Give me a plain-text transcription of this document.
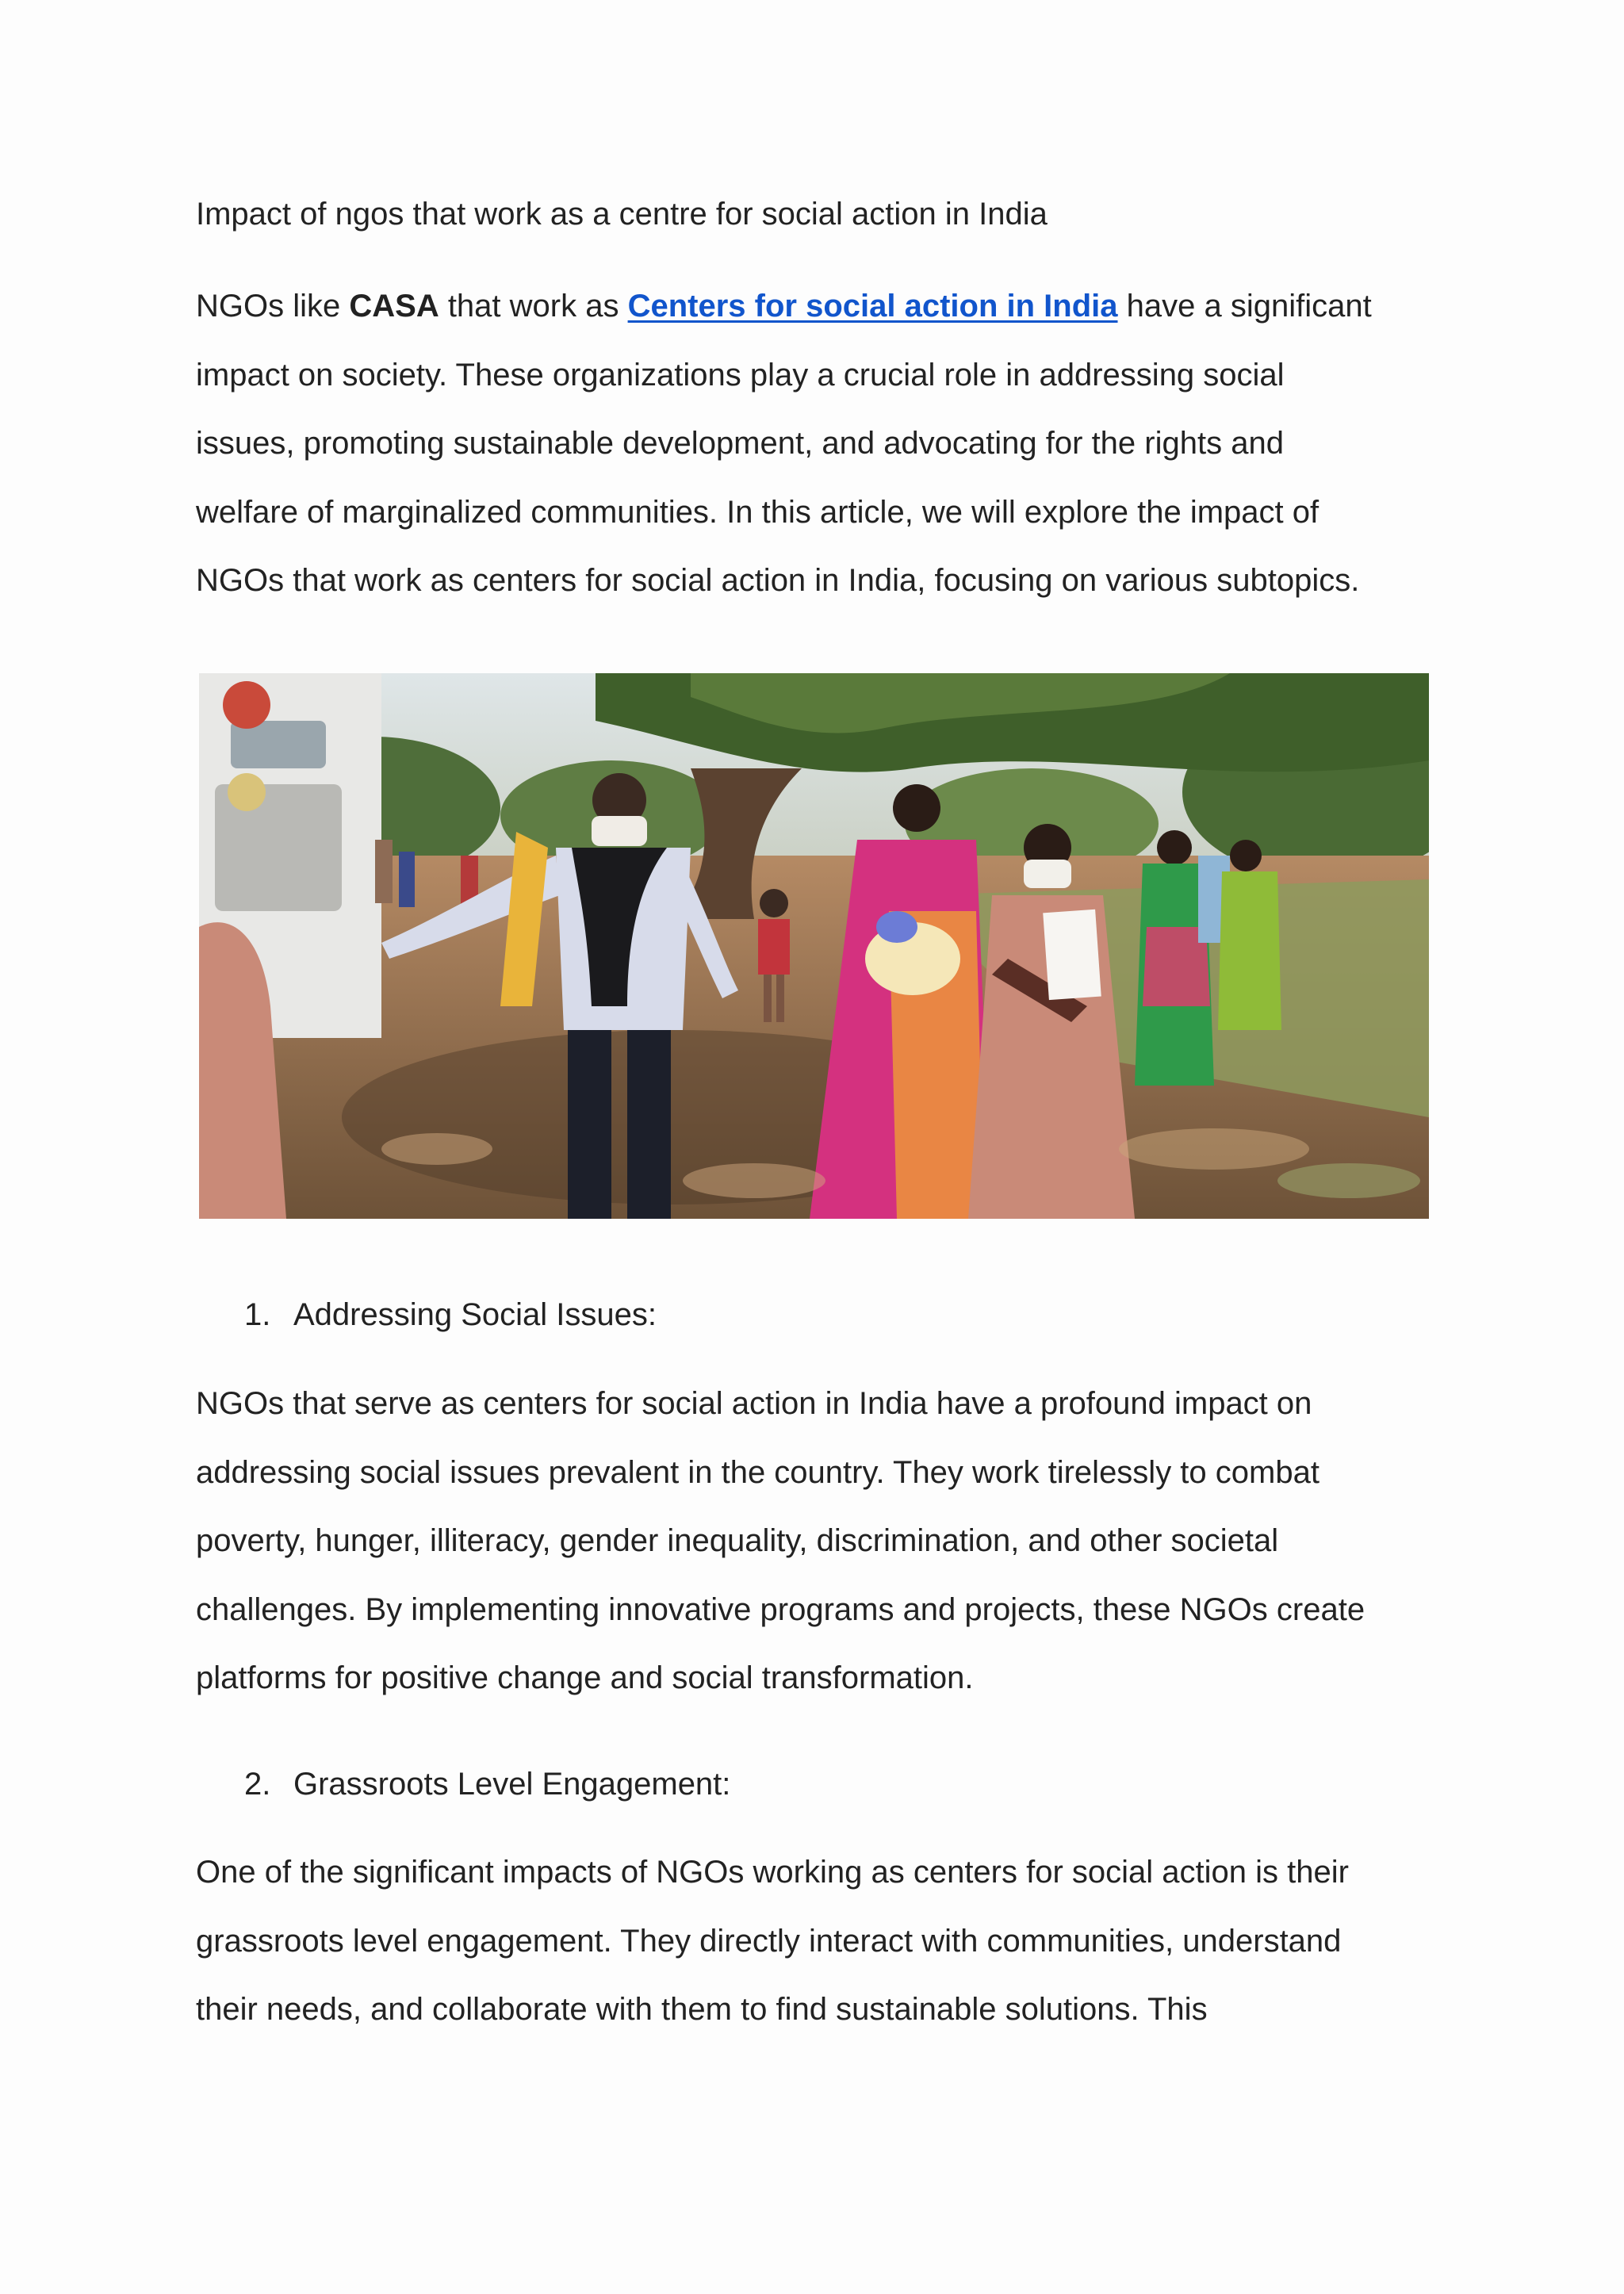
Impact of ngos that work as a centre for social action in India

NGOs like CASA that work as Centers for social action in India have a significant
impact on society. These organizations play a crucial role in addressing social
issues, promoting sustainable development, and advocating for the rights and
welfare of marginalized communities. In this article, we will explore the impact of
NGOs that work as centers for social action in India, focusing on various subtopics.

1. Addressing Social Issues:

NGOs that serve as centers for social action in India have a profound impact on
addressing social issues prevalent in the country. They work tirelessly to combat
poverty, hunger, illiteracy, gender inequality, discrimination, and other societal
challenges. By implementing innovative programs and projects, these NGOs create
platforms for positive change and social transformation.

2. Grassroots Level Engagement:

One of the significant impacts of NGOs working as centers for social action is their
grassroots level engagement. They directly interact with communities, understand
their needs, and collaborate with them to find sustainable solutions. This
